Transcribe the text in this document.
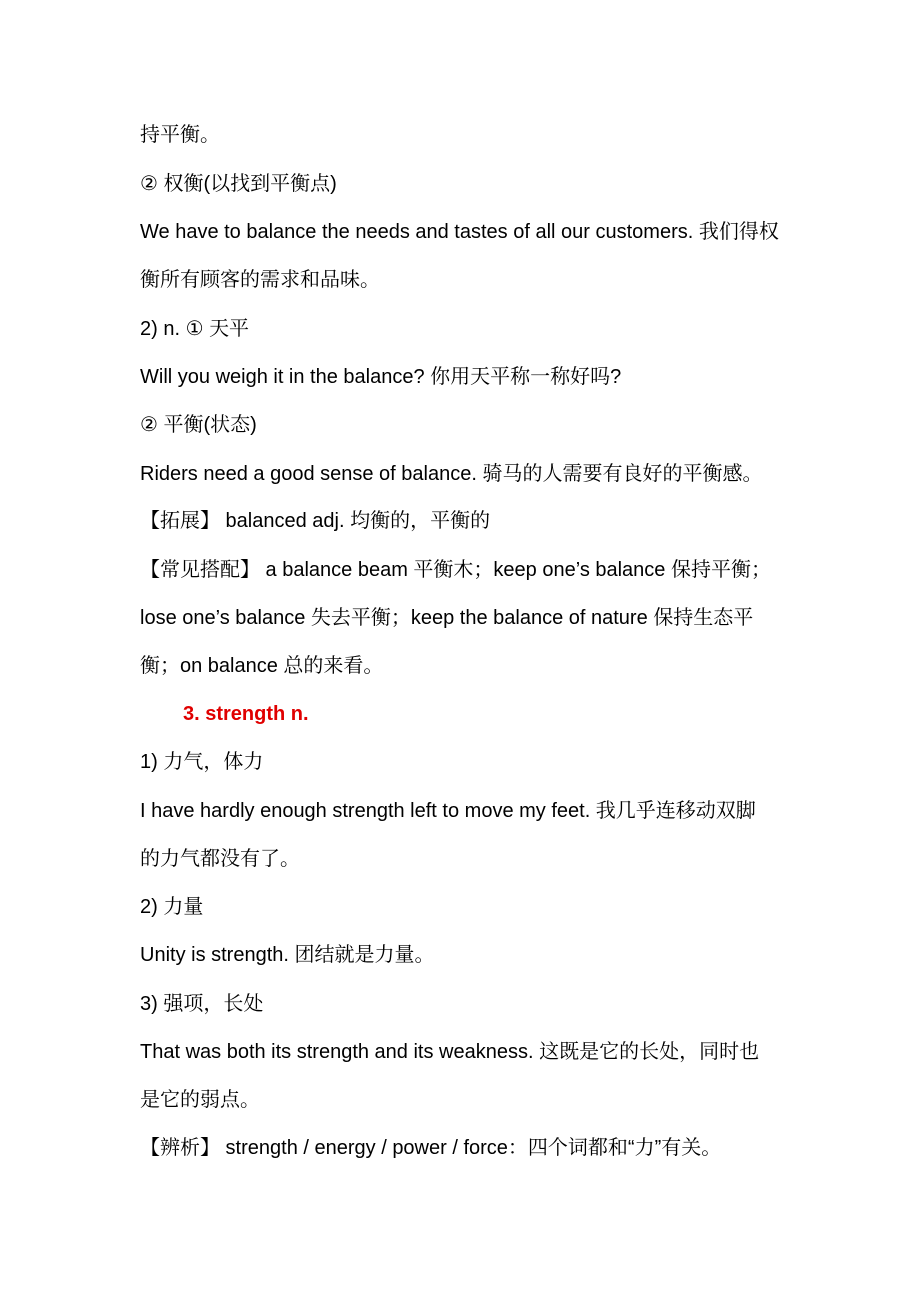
持平衡。
② 权衡(以找到平衡点)
We have to balance the needs and tastes of all our customers. 我们得权
衡所有顾客的需求和品味。
2) n. ① 天平
Will you weigh it in the balance? 你用天平称一称好吗?
② 平衡(状态)
Riders need a good sense of balance. 骑马的人需要有良好的平衡感。
【拓展】 balanced adj. 均衡的，平衡的
【常见搭配】 a balance beam 平衡木；keep one’s balance 保持平衡；
lose one’s balance 失去平衡；keep the balance of nature 保持生态平
衡；on balance 总的来看。
3. strength n.
1) 力气，体力
I have hardly enough strength left to move my feet. 我几乎连移动双脚
的力气都没有了。
2) 力量
Unity is strength. 团结就是力量。
3) 强项，长处
That was both its strength and its weakness. 这既是它的长处，同时也
是它的弱点。
【辨析】 strength / energy / power / force：四个词都和“力”有关。
